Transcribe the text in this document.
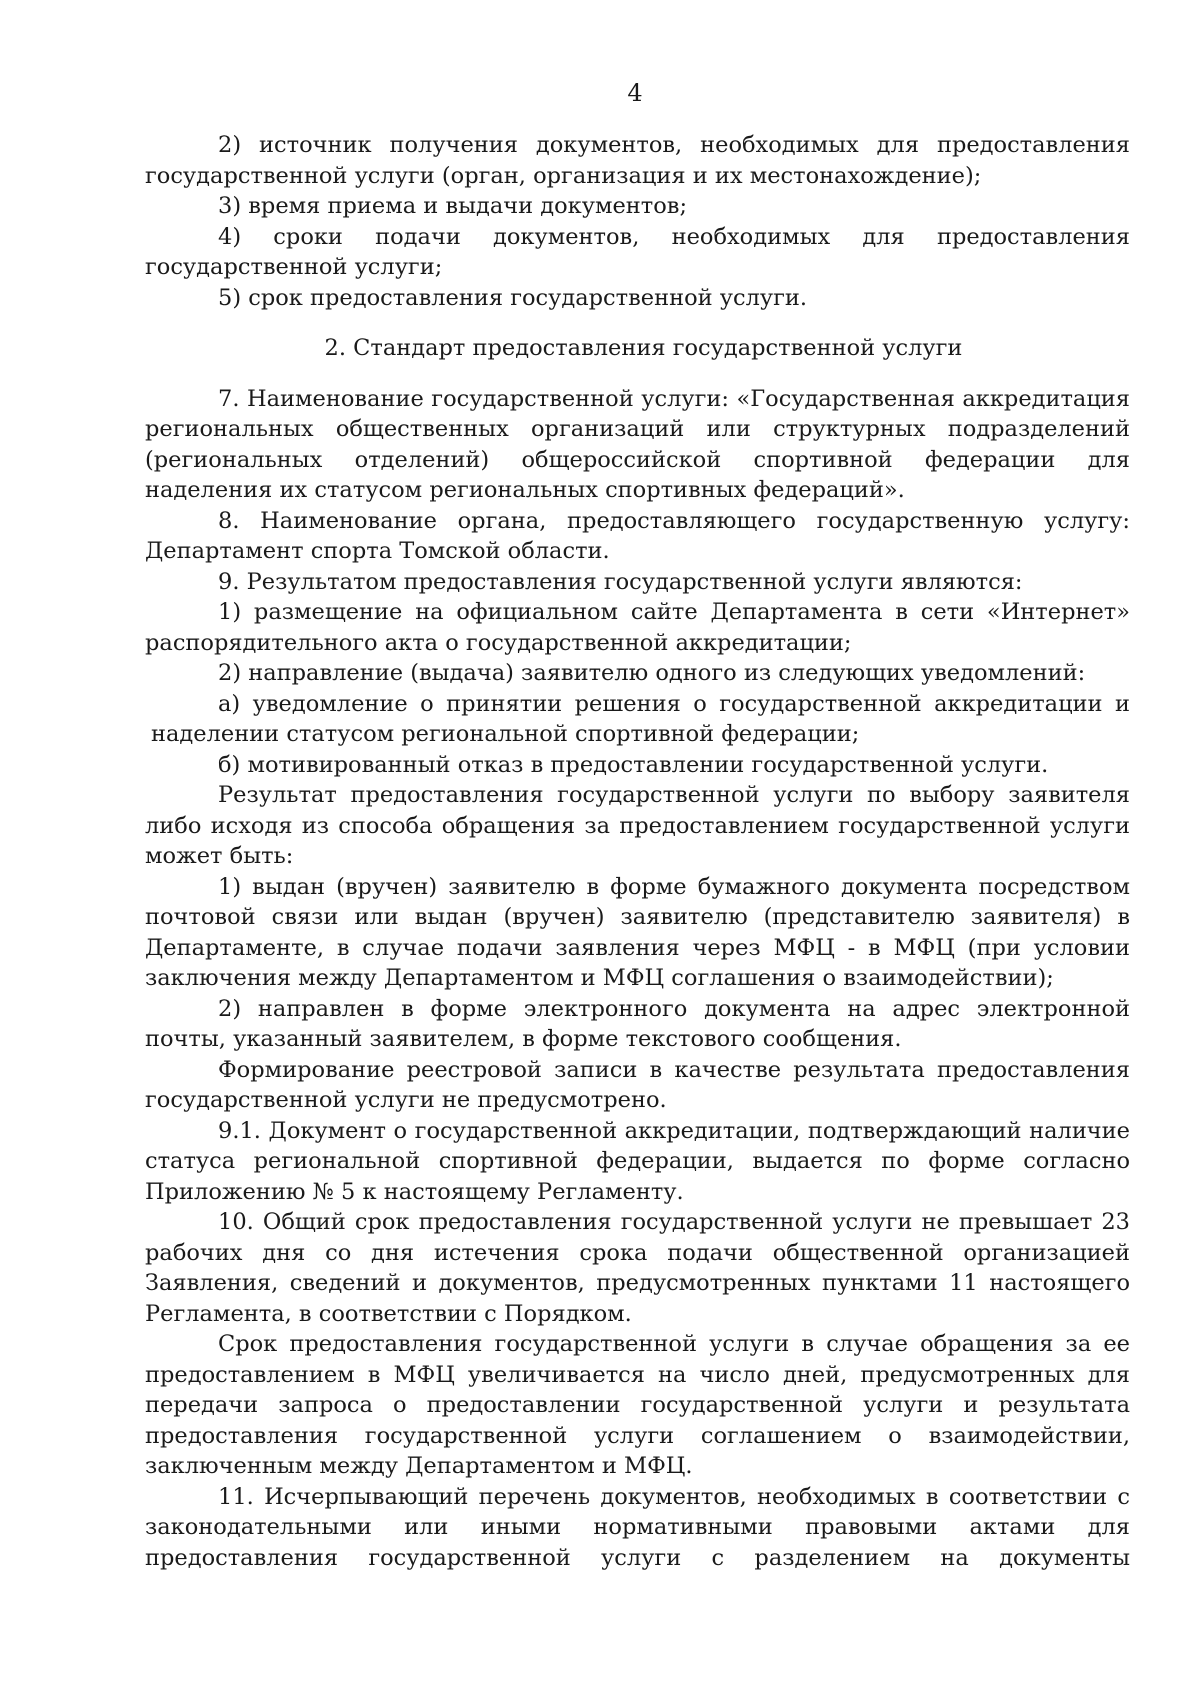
4

2) источник получения документов, необходимых для предоставления государственной услуги (орган, организация и их местонахождение);

3) время приема и выдачи документов;

4) сроки подачи документов, необходимых для предоставления государственной услуги;

5) срок предоставления государственной услуги.

2. Стандарт предоставления государственной услуги

7. Наименование государственной услуги: «Государственная аккредитация региональных общественных организаций или структурных подразделений (региональных отделений) общероссийской спортивной федерации для наделения их статусом региональных спортивных федераций».

8. Наименование органа, предоставляющего государственную услугу: Департамент спорта Томской области.

9. Результатом предоставления государственной услуги являются:

1) размещение на официальном сайте Департамента в сети «Интернет» распорядительного акта о государственной аккредитации;

2) направление (выдача) заявителю одного из следующих уведомлений:

а) уведомление о принятии решения о государственной аккредитации и наделении статусом региональной спортивной федерации;

б) мотивированный отказ в предоставлении государственной услуги.

Результат предоставления государственной услуги по выбору заявителя либо исходя из способа обращения за предоставлением государственной услуги может быть:

1) выдан (вручен) заявителю в форме бумажного документа посредством почтовой связи или выдан (вручен) заявителю (представителю заявителя) в Департаменте, в случае подачи заявления через МФЦ - в МФЦ (при условии заключения между Департаментом и МФЦ соглашения о взаимодействии);

2) направлен в форме электронного документа на адрес электронной почты, указанный заявителем, в форме текстового сообщения.

Формирование реестровой записи в качестве результата предоставления государственной услуги не предусмотрено.

9.1. Документ о государственной аккредитации, подтверждающий наличие статуса региональной спортивной федерации, выдается по форме согласно Приложению № 5 к настоящему Регламенту.

10. Общий срок предоставления государственной услуги не превышает 23 рабочих дня со дня истечения срока подачи общественной организацией Заявления, сведений и документов, предусмотренных пунктами 11 настоящего Регламента, в соответствии с Порядком.

Срок предоставления государственной услуги в случае обращения за ее предоставлением в МФЦ увеличивается на число дней, предусмотренных для передачи запроса о предоставлении государственной услуги и результата предоставления государственной услуги соглашением о взаимодействии, заключенным между Департаментом и МФЦ.

11. Исчерпывающий перечень документов, необходимых в соответствии с законодательными или иными нормативными правовыми актами для предоставления государственной услуги с разделением на документы
